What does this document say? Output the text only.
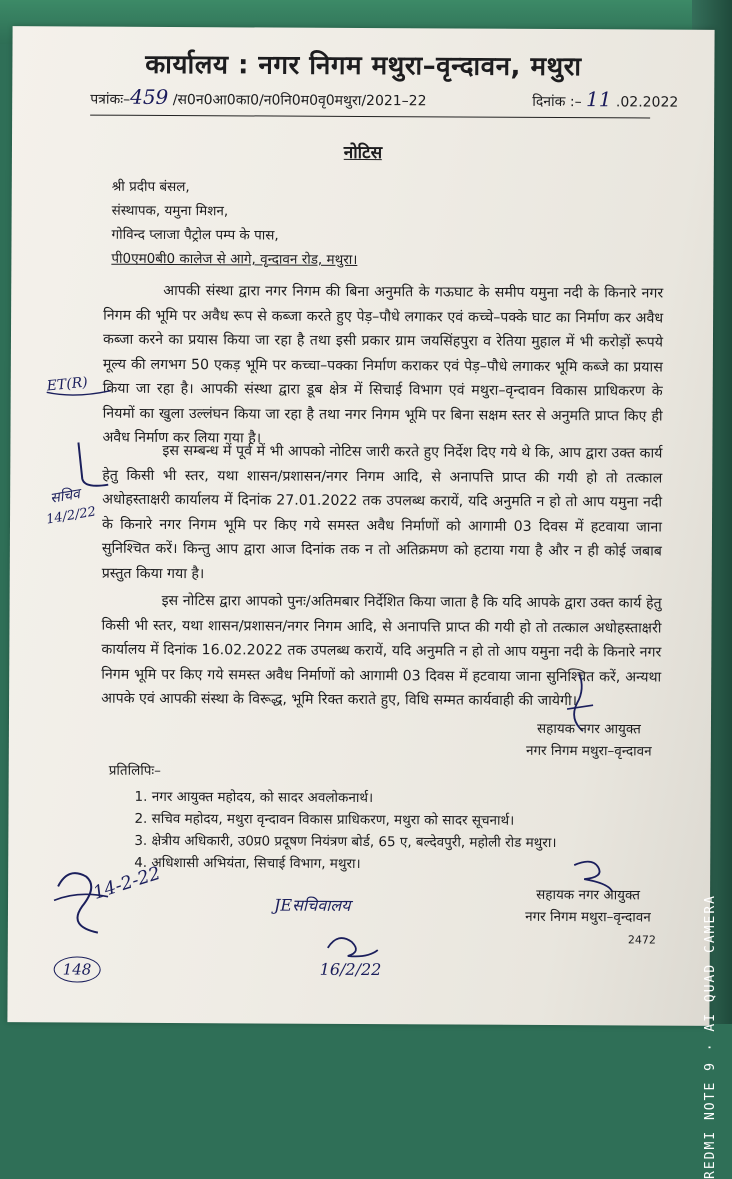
कार्यालय : नगर निगम मथुरा–वृन्दावन, मथुरा
पत्रांकः–459 /स0न0आ0का0/न0नि0म0वृ0मथुरा/2021–22	दिनांक :– 11 .02.2022
नोटिस
श्री प्रदीप बंसल,
संस्थापक, यमुना मिशन,
गोविन्द प्लाजा पैट्रोल पम्प के पास,
पी0एम0बी0 कालेज से आगे, वृन्दावन रोड, मथुरा।
आपकी संस्था द्वारा नगर निगम की बिना अनुमति के गऊघाट के समीप यमुना नदी के किनारे नगर निगम की भूमि पर अवैध रूप से कब्जा करते हुए पेड़–पौधे लगाकर एवं कच्चे–पक्के घाट का निर्माण कर अवैध कब्जा करने का प्रयास किया जा रहा है तथा इसी प्रकार ग्राम जयसिंहपुरा व रेतिया मुहाल में भी करोड़ों रूपये मूल्य की लगभग 50 एकड़ भूमि पर कच्चा–पक्का निर्माण कराकर एवं पेड़–पौधे लगाकर भूमि कब्जे का प्रयास किया जा रहा है। आपकी संस्था द्वारा डूब क्षेत्र में सिचाई विभाग एवं मथुरा–वृन्दावन विकास प्राधिकरण के नियमों का खुला उल्लंघन किया जा रहा है तथा नगर निगम भूमि पर बिना सक्षम स्तर से अनुमति प्राप्त किए ही अवैध निर्माण कर लिया गया है।
इस सम्बन्ध में पूर्व में भी आपको नोटिस जारी करते हुए निर्देश दिए गये थे कि, आप द्वारा उक्त कार्य हेतु किसी भी स्तर, यथा शासन/प्रशासन/नगर निगम आदि, से अनापत्ति प्राप्त की गयी हो तो तत्काल अधोहस्ताक्षरी कार्यालय में दिनांक 27.01.2022 तक उपलब्ध करायें, यदि अनुमति न हो तो आप यमुना नदी के किनारे नगर निगम भूमि पर किए गये समस्त अवैध निर्माणों को आगामी 03 दिवस में हटवाया जाना सुनिश्चित करें। किन्तु आप द्वारा आज दिनांक तक न तो अतिक्रमण को हटाया गया है और न ही कोई जबाब प्रस्तुत किया गया है।
इस नोटिस द्वारा आपको पुनः/अतिमबार निर्देशित किया जाता है कि यदि आपके द्वारा उक्त कार्य हेतु किसी भी स्तर, यथा शासन/प्रशासन/नगर निगम आदि, से अनापत्ति प्राप्त की गयी हो तो तत्काल अधोहस्ताक्षरी कार्यालय में दिनांक 16.02.2022 तक उपलब्ध करायें, यदि अनुमति न हो तो आप यमुना नदी के किनारे नगर निगम भूमि पर किए गये समस्त अवैध निर्माणों को आगामी 03 दिवस में हटवाया जाना सुनिश्चित करें, अन्यथा आपके एवं आपकी संस्था के विरूद्ध, भूमि रिक्त कराते हुए, विधि सम्मत कार्यवाही की जायेगी।
ET(R)
सचिव
14/2/22
सहायक नगर आयुक्त
नगर निगम मथुरा–वृन्दावन
प्रतिलिपिः–
1. नगर आयुक्त महोदय, को सादर अवलोकनार्थ।
2. सचिव महोदय, मथुरा वृन्दावन विकास प्राधिकरण, मथुरा को सादर सूचनार्थ।
3. क्षेत्रीय अधिकारी, उ0प्र0 प्रदूषण नियंत्रण बोर्ड, 65 ए, बल्देवपुरी, महोली रोड मथुरा।
4. अधिशासी अभियंता, सिचाई विभाग, मथुरा।
सहायक नगर आयुक्त
नगर निगम मथुरा–वृन्दावन
2472
14-2-22
148
JEसचिवालय
16/2/22	REDMI NOTE 9 · AI QUAD CAMERA
